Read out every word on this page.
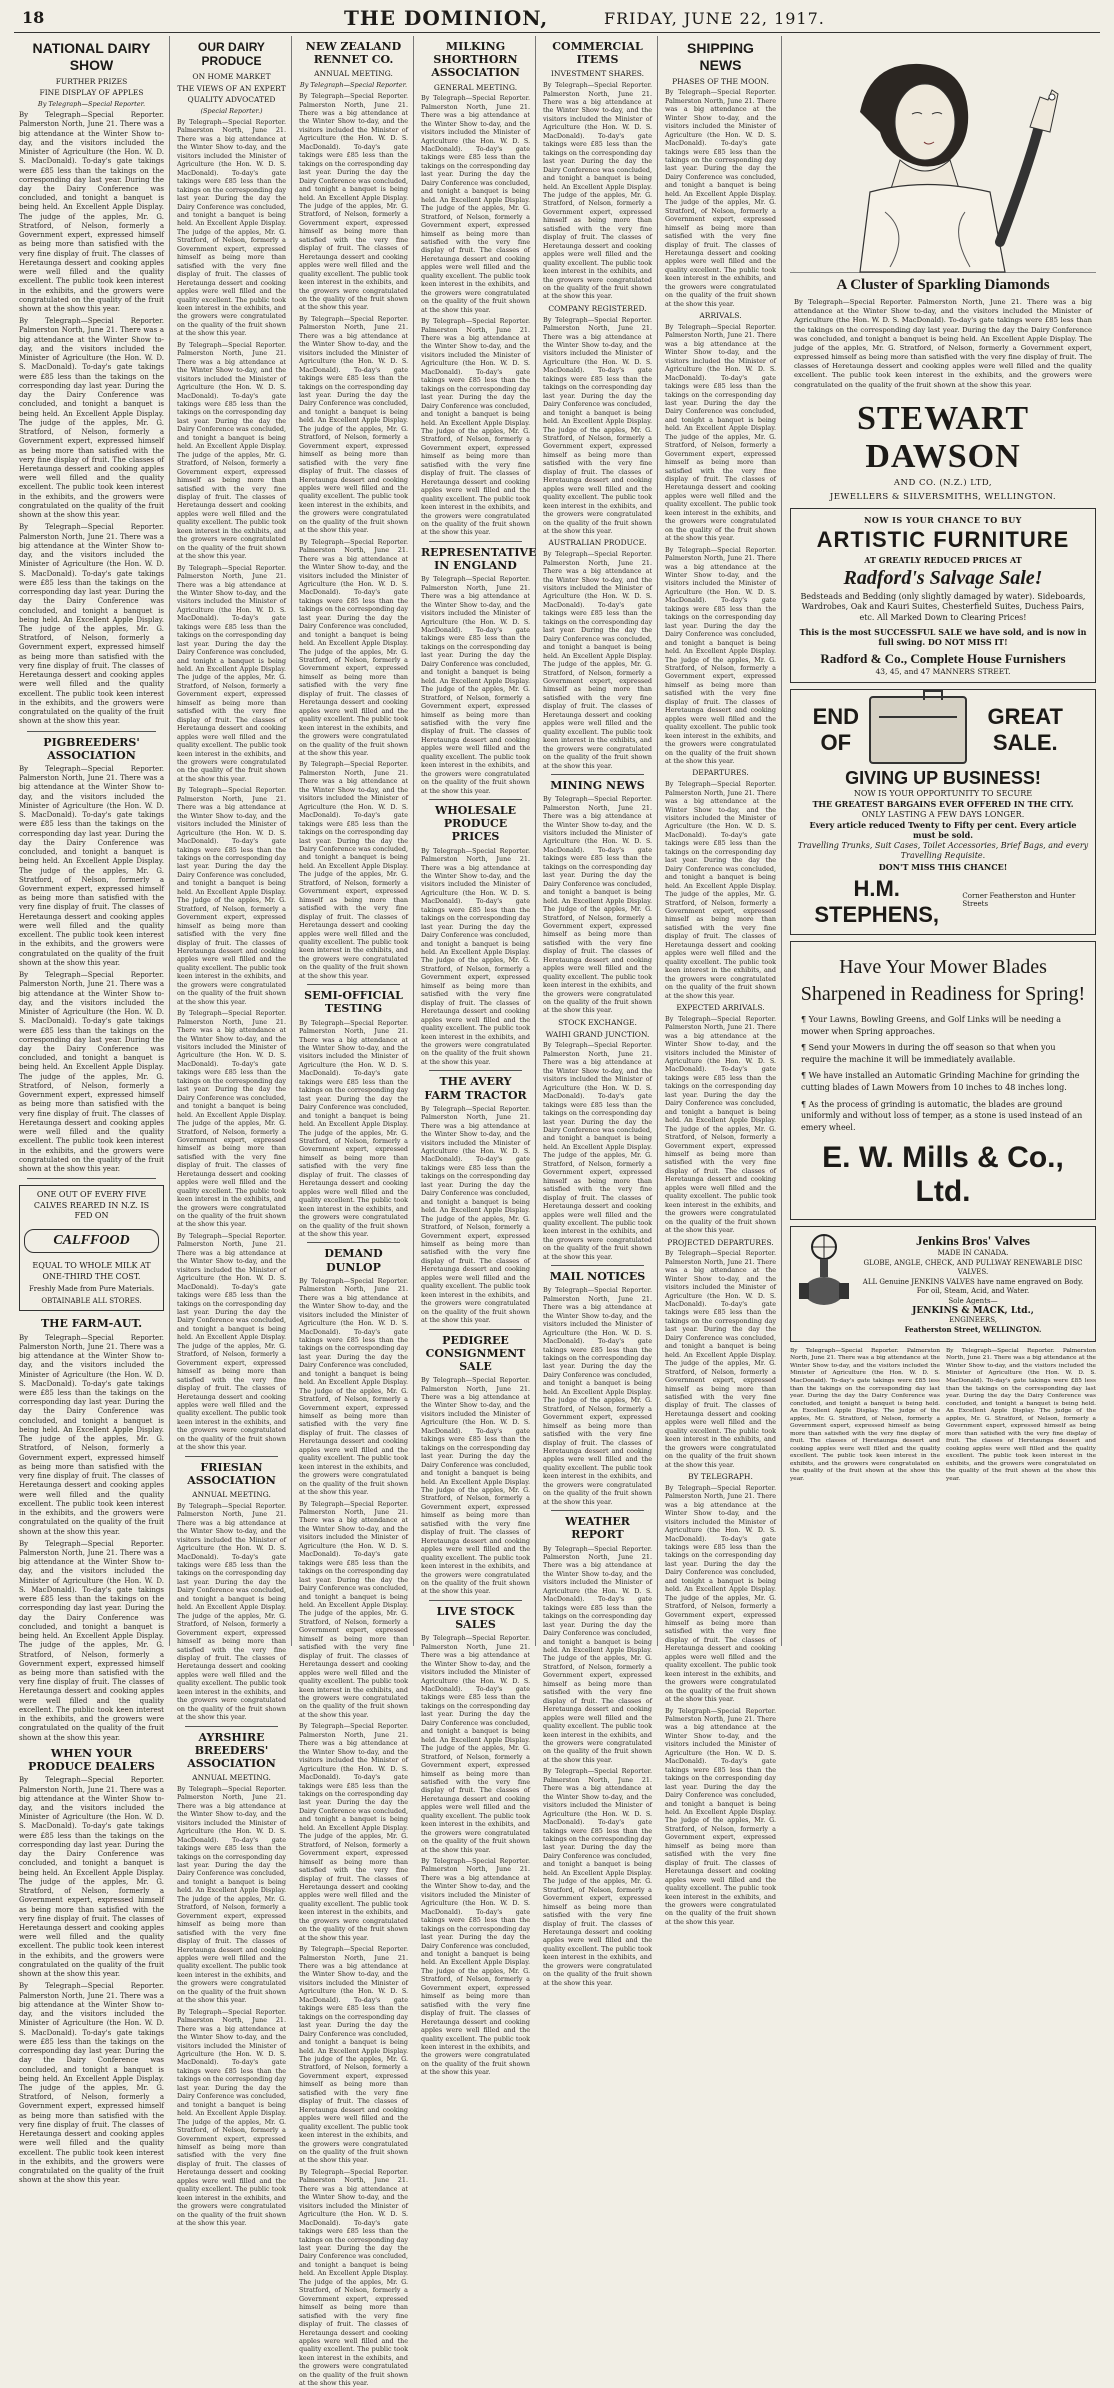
18	THE DOMINION,	FRIDAY, JUNE 22, 1917.
NATIONAL DAIRY SHOW
FURTHER PRIZES
FINE DISPLAY OF APPLES
By Telegraph—Special Reporter.
By Telegraph—Special Reporter. Palmerston North, June 21. There was a big attendance at the Winter Show to-day, and the visitors included the Minister of Agriculture (the Hon. W. D. S. MacDonald). To-day's gate takings were £85 less than the takings on the corresponding day last year. During the day the Dairy Conference was concluded, and tonight a banquet is being held. An Excellent Apple Display. The judge of the apples, Mr. G. Stratford, of Nelson, formerly a Government expert, expressed himself as being more than satisfied with the very fine display of fruit. The classes of Heretaunga dessert and cooking apples were well filled and the quality excellent. The public took keen interest in the exhibits, and the growers were congratulated on the quality of the fruit shown at the show this year.
By Telegraph—Special Reporter. Palmerston North, June 21. There was a big attendance at the Winter Show to-day, and the visitors included the Minister of Agriculture (the Hon. W. D. S. MacDonald). To-day's gate takings were £85 less than the takings on the corresponding day last year. During the day the Dairy Conference was concluded, and tonight a banquet is being held. An Excellent Apple Display. The judge of the apples, Mr. G. Stratford, of Nelson, formerly a Government expert, expressed himself as being more than satisfied with the very fine display of fruit. The classes of Heretaunga dessert and cooking apples were well filled and the quality excellent. The public took keen interest in the exhibits, and the growers were congratulated on the quality of the fruit shown at the show this year.
By Telegraph—Special Reporter. Palmerston North, June 21. There was a big attendance at the Winter Show to-day, and the visitors included the Minister of Agriculture (the Hon. W. D. S. MacDonald). To-day's gate takings were £85 less than the takings on the corresponding day last year. During the day the Dairy Conference was concluded, and tonight a banquet is being held. An Excellent Apple Display. The judge of the apples, Mr. G. Stratford, of Nelson, formerly a Government expert, expressed himself as being more than satisfied with the very fine display of fruit. The classes of Heretaunga dessert and cooking apples were well filled and the quality excellent. The public took keen interest in the exhibits, and the growers were congratulated on the quality of the fruit shown at the show this year.
PIGBREEDERS' ASSOCIATION
By Telegraph—Special Reporter. Palmerston North, June 21. There was a big attendance at the Winter Show to-day, and the visitors included the Minister of Agriculture (the Hon. W. D. S. MacDonald). To-day's gate takings were £85 less than the takings on the corresponding day last year. During the day the Dairy Conference was concluded, and tonight a banquet is being held. An Excellent Apple Display. The judge of the apples, Mr. G. Stratford, of Nelson, formerly a Government expert, expressed himself as being more than satisfied with the very fine display of fruit. The classes of Heretaunga dessert and cooking apples were well filled and the quality excellent. The public took keen interest in the exhibits, and the growers were congratulated on the quality of the fruit shown at the show this year.
By Telegraph—Special Reporter. Palmerston North, June 21. There was a big attendance at the Winter Show to-day, and the visitors included the Minister of Agriculture (the Hon. W. D. S. MacDonald). To-day's gate takings were £85 less than the takings on the corresponding day last year. During the day the Dairy Conference was concluded, and tonight a banquet is being held. An Excellent Apple Display. The judge of the apples, Mr. G. Stratford, of Nelson, formerly a Government expert, expressed himself as being more than satisfied with the very fine display of fruit. The classes of Heretaunga dessert and cooking apples were well filled and the quality excellent. The public took keen interest in the exhibits, and the growers were congratulated on the quality of the fruit shown at the show this year.
ONE OUT OF EVERY FIVE CALVES REARED IN N.Z. IS FED ON
CALFFOOD
EQUAL TO WHOLE MILK AT ONE-THIRD THE COST.
Freshly Made from Pure Materials.
OBTAINABLE ALL STORES.
THE FARM-AUT.
By Telegraph—Special Reporter. Palmerston North, June 21. There was a big attendance at the Winter Show to-day, and the visitors included the Minister of Agriculture (the Hon. W. D. S. MacDonald). To-day's gate takings were £85 less than the takings on the corresponding day last year. During the day the Dairy Conference was concluded, and tonight a banquet is being held. An Excellent Apple Display. The judge of the apples, Mr. G. Stratford, of Nelson, formerly a Government expert, expressed himself as being more than satisfied with the very fine display of fruit. The classes of Heretaunga dessert and cooking apples were well filled and the quality excellent. The public took keen interest in the exhibits, and the growers were congratulated on the quality of the fruit shown at the show this year.
By Telegraph—Special Reporter. Palmerston North, June 21. There was a big attendance at the Winter Show to-day, and the visitors included the Minister of Agriculture (the Hon. W. D. S. MacDonald). To-day's gate takings were £85 less than the takings on the corresponding day last year. During the day the Dairy Conference was concluded, and tonight a banquet is being held. An Excellent Apple Display. The judge of the apples, Mr. G. Stratford, of Nelson, formerly a Government expert, expressed himself as being more than satisfied with the very fine display of fruit. The classes of Heretaunga dessert and cooking apples were well filled and the quality excellent. The public took keen interest in the exhibits, and the growers were congratulated on the quality of the fruit shown at the show this year.
WHEN YOUR PRODUCE DEALERS
By Telegraph—Special Reporter. Palmerston North, June 21. There was a big attendance at the Winter Show to-day, and the visitors included the Minister of Agriculture (the Hon. W. D. S. MacDonald). To-day's gate takings were £85 less than the takings on the corresponding day last year. During the day the Dairy Conference was concluded, and tonight a banquet is being held. An Excellent Apple Display. The judge of the apples, Mr. G. Stratford, of Nelson, formerly a Government expert, expressed himself as being more than satisfied with the very fine display of fruit. The classes of Heretaunga dessert and cooking apples were well filled and the quality excellent. The public took keen interest in the exhibits, and the growers were congratulated on the quality of the fruit shown at the show this year.
By Telegraph—Special Reporter. Palmerston North, June 21. There was a big attendance at the Winter Show to-day, and the visitors included the Minister of Agriculture (the Hon. W. D. S. MacDonald). To-day's gate takings were £85 less than the takings on the corresponding day last year. During the day the Dairy Conference was concluded, and tonight a banquet is being held. An Excellent Apple Display. The judge of the apples, Mr. G. Stratford, of Nelson, formerly a Government expert, expressed himself as being more than satisfied with the very fine display of fruit. The classes of Heretaunga dessert and cooking apples were well filled and the quality excellent. The public took keen interest in the exhibits, and the growers were congratulated on the quality of the fruit shown at the show this year.
OUR DAIRY PRODUCE
ON HOME MARKET
THE VIEWS OF AN EXPERT
QUALITY ADVOCATED
(Special Reporter.)
By Telegraph—Special Reporter. Palmerston North, June 21. There was a big attendance at the Winter Show to-day, and the visitors included the Minister of Agriculture (the Hon. W. D. S. MacDonald). To-day's gate takings were £85 less than the takings on the corresponding day last year. During the day the Dairy Conference was concluded, and tonight a banquet is being held. An Excellent Apple Display. The judge of the apples, Mr. G. Stratford, of Nelson, formerly a Government expert, expressed himself as being more than satisfied with the very fine display of fruit. The classes of Heretaunga dessert and cooking apples were well filled and the quality excellent. The public took keen interest in the exhibits, and the growers were congratulated on the quality of the fruit shown at the show this year.
By Telegraph—Special Reporter. Palmerston North, June 21. There was a big attendance at the Winter Show to-day, and the visitors included the Minister of Agriculture (the Hon. W. D. S. MacDonald). To-day's gate takings were £85 less than the takings on the corresponding day last year. During the day the Dairy Conference was concluded, and tonight a banquet is being held. An Excellent Apple Display. The judge of the apples, Mr. G. Stratford, of Nelson, formerly a Government expert, expressed himself as being more than satisfied with the very fine display of fruit. The classes of Heretaunga dessert and cooking apples were well filled and the quality excellent. The public took keen interest in the exhibits, and the growers were congratulated on the quality of the fruit shown at the show this year.
By Telegraph—Special Reporter. Palmerston North, June 21. There was a big attendance at the Winter Show to-day, and the visitors included the Minister of Agriculture (the Hon. W. D. S. MacDonald). To-day's gate takings were £85 less than the takings on the corresponding day last year. During the day the Dairy Conference was concluded, and tonight a banquet is being held. An Excellent Apple Display. The judge of the apples, Mr. G. Stratford, of Nelson, formerly a Government expert, expressed himself as being more than satisfied with the very fine display of fruit. The classes of Heretaunga dessert and cooking apples were well filled and the quality excellent. The public took keen interest in the exhibits, and the growers were congratulated on the quality of the fruit shown at the show this year.
By Telegraph—Special Reporter. Palmerston North, June 21. There was a big attendance at the Winter Show to-day, and the visitors included the Minister of Agriculture (the Hon. W. D. S. MacDonald). To-day's gate takings were £85 less than the takings on the corresponding day last year. During the day the Dairy Conference was concluded, and tonight a banquet is being held. An Excellent Apple Display. The judge of the apples, Mr. G. Stratford, of Nelson, formerly a Government expert, expressed himself as being more than satisfied with the very fine display of fruit. The classes of Heretaunga dessert and cooking apples were well filled and the quality excellent. The public took keen interest in the exhibits, and the growers were congratulated on the quality of the fruit shown at the show this year.
By Telegraph—Special Reporter. Palmerston North, June 21. There was a big attendance at the Winter Show to-day, and the visitors included the Minister of Agriculture (the Hon. W. D. S. MacDonald). To-day's gate takings were £85 less than the takings on the corresponding day last year. During the day the Dairy Conference was concluded, and tonight a banquet is being held. An Excellent Apple Display. The judge of the apples, Mr. G. Stratford, of Nelson, formerly a Government expert, expressed himself as being more than satisfied with the very fine display of fruit. The classes of Heretaunga dessert and cooking apples were well filled and the quality excellent. The public took keen interest in the exhibits, and the growers were congratulated on the quality of the fruit shown at the show this year.
By Telegraph—Special Reporter. Palmerston North, June 21. There was a big attendance at the Winter Show to-day, and the visitors included the Minister of Agriculture (the Hon. W. D. S. MacDonald). To-day's gate takings were £85 less than the takings on the corresponding day last year. During the day the Dairy Conference was concluded, and tonight a banquet is being held. An Excellent Apple Display. The judge of the apples, Mr. G. Stratford, of Nelson, formerly a Government expert, expressed himself as being more than satisfied with the very fine display of fruit. The classes of Heretaunga dessert and cooking apples were well filled and the quality excellent. The public took keen interest in the exhibits, and the growers were congratulated on the quality of the fruit shown at the show this year.
FRIESIAN ASSOCIATION
ANNUAL MEETING.
By Telegraph—Special Reporter. Palmerston North, June 21. There was a big attendance at the Winter Show to-day, and the visitors included the Minister of Agriculture (the Hon. W. D. S. MacDonald). To-day's gate takings were £85 less than the takings on the corresponding day last year. During the day the Dairy Conference was concluded, and tonight a banquet is being held. An Excellent Apple Display. The judge of the apples, Mr. G. Stratford, of Nelson, formerly a Government expert, expressed himself as being more than satisfied with the very fine display of fruit. The classes of Heretaunga dessert and cooking apples were well filled and the quality excellent. The public took keen interest in the exhibits, and the growers were congratulated on the quality of the fruit shown at the show this year.
AYRSHIRE BREEDERS' ASSOCIATION
ANNUAL MEETING.
By Telegraph—Special Reporter. Palmerston North, June 21. There was a big attendance at the Winter Show to-day, and the visitors included the Minister of Agriculture (the Hon. W. D. S. MacDonald). To-day's gate takings were £85 less than the takings on the corresponding day last year. During the day the Dairy Conference was concluded, and tonight a banquet is being held. An Excellent Apple Display. The judge of the apples, Mr. G. Stratford, of Nelson, formerly a Government expert, expressed himself as being more than satisfied with the very fine display of fruit. The classes of Heretaunga dessert and cooking apples were well filled and the quality excellent. The public took keen interest in the exhibits, and the growers were congratulated on the quality of the fruit shown at the show this year.
By Telegraph—Special Reporter. Palmerston North, June 21. There was a big attendance at the Winter Show to-day, and the visitors included the Minister of Agriculture (the Hon. W. D. S. MacDonald). To-day's gate takings were £85 less than the takings on the corresponding day last year. During the day the Dairy Conference was concluded, and tonight a banquet is being held. An Excellent Apple Display. The judge of the apples, Mr. G. Stratford, of Nelson, formerly a Government expert, expressed himself as being more than satisfied with the very fine display of fruit. The classes of Heretaunga dessert and cooking apples were well filled and the quality excellent. The public took keen interest in the exhibits, and the growers were congratulated on the quality of the fruit shown at the show this year.
NEW ZEALAND RENNET CO.
ANNUAL MEETING.
By Telegraph—Special Reporter.
By Telegraph—Special Reporter. Palmerston North, June 21. There was a big attendance at the Winter Show to-day, and the visitors included the Minister of Agriculture (the Hon. W. D. S. MacDonald). To-day's gate takings were £85 less than the takings on the corresponding day last year. During the day the Dairy Conference was concluded, and tonight a banquet is being held. An Excellent Apple Display. The judge of the apples, Mr. G. Stratford, of Nelson, formerly a Government expert, expressed himself as being more than satisfied with the very fine display of fruit. The classes of Heretaunga dessert and cooking apples were well filled and the quality excellent. The public took keen interest in the exhibits, and the growers were congratulated on the quality of the fruit shown at the show this year.
By Telegraph—Special Reporter. Palmerston North, June 21. There was a big attendance at the Winter Show to-day, and the visitors included the Minister of Agriculture (the Hon. W. D. S. MacDonald). To-day's gate takings were £85 less than the takings on the corresponding day last year. During the day the Dairy Conference was concluded, and tonight a banquet is being held. An Excellent Apple Display. The judge of the apples, Mr. G. Stratford, of Nelson, formerly a Government expert, expressed himself as being more than satisfied with the very fine display of fruit. The classes of Heretaunga dessert and cooking apples were well filled and the quality excellent. The public took keen interest in the exhibits, and the growers were congratulated on the quality of the fruit shown at the show this year.
By Telegraph—Special Reporter. Palmerston North, June 21. There was a big attendance at the Winter Show to-day, and the visitors included the Minister of Agriculture (the Hon. W. D. S. MacDonald). To-day's gate takings were £85 less than the takings on the corresponding day last year. During the day the Dairy Conference was concluded, and tonight a banquet is being held. An Excellent Apple Display. The judge of the apples, Mr. G. Stratford, of Nelson, formerly a Government expert, expressed himself as being more than satisfied with the very fine display of fruit. The classes of Heretaunga dessert and cooking apples were well filled and the quality excellent. The public took keen interest in the exhibits, and the growers were congratulated on the quality of the fruit shown at the show this year.
By Telegraph—Special Reporter. Palmerston North, June 21. There was a big attendance at the Winter Show to-day, and the visitors included the Minister of Agriculture (the Hon. W. D. S. MacDonald). To-day's gate takings were £85 less than the takings on the corresponding day last year. During the day the Dairy Conference was concluded, and tonight a banquet is being held. An Excellent Apple Display. The judge of the apples, Mr. G. Stratford, of Nelson, formerly a Government expert, expressed himself as being more than satisfied with the very fine display of fruit. The classes of Heretaunga dessert and cooking apples were well filled and the quality excellent. The public took keen interest in the exhibits, and the growers were congratulated on the quality of the fruit shown at the show this year.
SEMI-OFFICIAL TESTING
By Telegraph—Special Reporter. Palmerston North, June 21. There was a big attendance at the Winter Show to-day, and the visitors included the Minister of Agriculture (the Hon. W. D. S. MacDonald). To-day's gate takings were £85 less than the takings on the corresponding day last year. During the day the Dairy Conference was concluded, and tonight a banquet is being held. An Excellent Apple Display. The judge of the apples, Mr. G. Stratford, of Nelson, formerly a Government expert, expressed himself as being more than satisfied with the very fine display of fruit. The classes of Heretaunga dessert and cooking apples were well filled and the quality excellent. The public took keen interest in the exhibits, and the growers were congratulated on the quality of the fruit shown at the show this year.
DEMAND DUNLOP
By Telegraph—Special Reporter. Palmerston North, June 21. There was a big attendance at the Winter Show to-day, and the visitors included the Minister of Agriculture (the Hon. W. D. S. MacDonald). To-day's gate takings were £85 less than the takings on the corresponding day last year. During the day the Dairy Conference was concluded, and tonight a banquet is being held. An Excellent Apple Display. The judge of the apples, Mr. G. Stratford, of Nelson, formerly a Government expert, expressed himself as being more than satisfied with the very fine display of fruit. The classes of Heretaunga dessert and cooking apples were well filled and the quality excellent. The public took keen interest in the exhibits, and the growers were congratulated on the quality of the fruit shown at the show this year.
By Telegraph—Special Reporter. Palmerston North, June 21. There was a big attendance at the Winter Show to-day, and the visitors included the Minister of Agriculture (the Hon. W. D. S. MacDonald). To-day's gate takings were £85 less than the takings on the corresponding day last year. During the day the Dairy Conference was concluded, and tonight a banquet is being held. An Excellent Apple Display. The judge of the apples, Mr. G. Stratford, of Nelson, formerly a Government expert, expressed himself as being more than satisfied with the very fine display of fruit. The classes of Heretaunga dessert and cooking apples were well filled and the quality excellent. The public took keen interest in the exhibits, and the growers were congratulated on the quality of the fruit shown at the show this year.
By Telegraph—Special Reporter. Palmerston North, June 21. There was a big attendance at the Winter Show to-day, and the visitors included the Minister of Agriculture (the Hon. W. D. S. MacDonald). To-day's gate takings were £85 less than the takings on the corresponding day last year. During the day the Dairy Conference was concluded, and tonight a banquet is being held. An Excellent Apple Display. The judge of the apples, Mr. G. Stratford, of Nelson, formerly a Government expert, expressed himself as being more than satisfied with the very fine display of fruit. The classes of Heretaunga dessert and cooking apples were well filled and the quality excellent. The public took keen interest in the exhibits, and the growers were congratulated on the quality of the fruit shown at the show this year.
By Telegraph—Special Reporter. Palmerston North, June 21. There was a big attendance at the Winter Show to-day, and the visitors included the Minister of Agriculture (the Hon. W. D. S. MacDonald). To-day's gate takings were £85 less than the takings on the corresponding day last year. During the day the Dairy Conference was concluded, and tonight a banquet is being held. An Excellent Apple Display. The judge of the apples, Mr. G. Stratford, of Nelson, formerly a Government expert, expressed himself as being more than satisfied with the very fine display of fruit. The classes of Heretaunga dessert and cooking apples were well filled and the quality excellent. The public took keen interest in the exhibits, and the growers were congratulated on the quality of the fruit shown at the show this year.
By Telegraph—Special Reporter. Palmerston North, June 21. There was a big attendance at the Winter Show to-day, and the visitors included the Minister of Agriculture (the Hon. W. D. S. MacDonald). To-day's gate takings were £85 less than the takings on the corresponding day last year. During the day the Dairy Conference was concluded, and tonight a banquet is being held. An Excellent Apple Display. The judge of the apples, Mr. G. Stratford, of Nelson, formerly a Government expert, expressed himself as being more than satisfied with the very fine display of fruit. The classes of Heretaunga dessert and cooking apples were well filled and the quality excellent. The public took keen interest in the exhibits, and the growers were congratulated on the quality of the fruit shown at the show this year.
MILKING SHORTHORN ASSOCIATION
GENERAL MEETING.
By Telegraph—Special Reporter. Palmerston North, June 21. There was a big attendance at the Winter Show to-day, and the visitors included the Minister of Agriculture (the Hon. W. D. S. MacDonald). To-day's gate takings were £85 less than the takings on the corresponding day last year. During the day the Dairy Conference was concluded, and tonight a banquet is being held. An Excellent Apple Display. The judge of the apples, Mr. G. Stratford, of Nelson, formerly a Government expert, expressed himself as being more than satisfied with the very fine display of fruit. The classes of Heretaunga dessert and cooking apples were well filled and the quality excellent. The public took keen interest in the exhibits, and the growers were congratulated on the quality of the fruit shown at the show this year.
By Telegraph—Special Reporter. Palmerston North, June 21. There was a big attendance at the Winter Show to-day, and the visitors included the Minister of Agriculture (the Hon. W. D. S. MacDonald). To-day's gate takings were £85 less than the takings on the corresponding day last year. During the day the Dairy Conference was concluded, and tonight a banquet is being held. An Excellent Apple Display. The judge of the apples, Mr. G. Stratford, of Nelson, formerly a Government expert, expressed himself as being more than satisfied with the very fine display of fruit. The classes of Heretaunga dessert and cooking apples were well filled and the quality excellent. The public took keen interest in the exhibits, and the growers were congratulated on the quality of the fruit shown at the show this year.
REPRESENTATIVE IN ENGLAND
By Telegraph—Special Reporter. Palmerston North, June 21. There was a big attendance at the Winter Show to-day, and the visitors included the Minister of Agriculture (the Hon. W. D. S. MacDonald). To-day's gate takings were £85 less than the takings on the corresponding day last year. During the day the Dairy Conference was concluded, and tonight a banquet is being held. An Excellent Apple Display. The judge of the apples, Mr. G. Stratford, of Nelson, formerly a Government expert, expressed himself as being more than satisfied with the very fine display of fruit. The classes of Heretaunga dessert and cooking apples were well filled and the quality excellent. The public took keen interest in the exhibits, and the growers were congratulated on the quality of the fruit shown at the show this year.
WHOLESALE PRODUCE PRICES
By Telegraph—Special Reporter. Palmerston North, June 21. There was a big attendance at the Winter Show to-day, and the visitors included the Minister of Agriculture (the Hon. W. D. S. MacDonald). To-day's gate takings were £85 less than the takings on the corresponding day last year. During the day the Dairy Conference was concluded, and tonight a banquet is being held. An Excellent Apple Display. The judge of the apples, Mr. G. Stratford, of Nelson, formerly a Government expert, expressed himself as being more than satisfied with the very fine display of fruit. The classes of Heretaunga dessert and cooking apples were well filled and the quality excellent. The public took keen interest in the exhibits, and the growers were congratulated on the quality of the fruit shown at the show this year.
THE AVERY FARM TRACTOR
By Telegraph—Special Reporter. Palmerston North, June 21. There was a big attendance at the Winter Show to-day, and the visitors included the Minister of Agriculture (the Hon. W. D. S. MacDonald). To-day's gate takings were £85 less than the takings on the corresponding day last year. During the day the Dairy Conference was concluded, and tonight a banquet is being held. An Excellent Apple Display. The judge of the apples, Mr. G. Stratford, of Nelson, formerly a Government expert, expressed himself as being more than satisfied with the very fine display of fruit. The classes of Heretaunga dessert and cooking apples were well filled and the quality excellent. The public took keen interest in the exhibits, and the growers were congratulated on the quality of the fruit shown at the show this year.
PEDIGREE CONSIGNMENT SALE
By Telegraph—Special Reporter. Palmerston North, June 21. There was a big attendance at the Winter Show to-day, and the visitors included the Minister of Agriculture (the Hon. W. D. S. MacDonald). To-day's gate takings were £85 less than the takings on the corresponding day last year. During the day the Dairy Conference was concluded, and tonight a banquet is being held. An Excellent Apple Display. The judge of the apples, Mr. G. Stratford, of Nelson, formerly a Government expert, expressed himself as being more than satisfied with the very fine display of fruit. The classes of Heretaunga dessert and cooking apples were well filled and the quality excellent. The public took keen interest in the exhibits, and the growers were congratulated on the quality of the fruit shown at the show this year.
LIVE STOCK SALES
By Telegraph—Special Reporter. Palmerston North, June 21. There was a big attendance at the Winter Show to-day, and the visitors included the Minister of Agriculture (the Hon. W. D. S. MacDonald). To-day's gate takings were £85 less than the takings on the corresponding day last year. During the day the Dairy Conference was concluded, and tonight a banquet is being held. An Excellent Apple Display. The judge of the apples, Mr. G. Stratford, of Nelson, formerly a Government expert, expressed himself as being more than satisfied with the very fine display of fruit. The classes of Heretaunga dessert and cooking apples were well filled and the quality excellent. The public took keen interest in the exhibits, and the growers were congratulated on the quality of the fruit shown at the show this year.
By Telegraph—Special Reporter. Palmerston North, June 21. There was a big attendance at the Winter Show to-day, and the visitors included the Minister of Agriculture (the Hon. W. D. S. MacDonald). To-day's gate takings were £85 less than the takings on the corresponding day last year. During the day the Dairy Conference was concluded, and tonight a banquet is being held. An Excellent Apple Display. The judge of the apples, Mr. G. Stratford, of Nelson, formerly a Government expert, expressed himself as being more than satisfied with the very fine display of fruit. The classes of Heretaunga dessert and cooking apples were well filled and the quality excellent. The public took keen interest in the exhibits, and the growers were congratulated on the quality of the fruit shown at the show this year.
COMMERCIAL ITEMS
INVESTMENT SHARES.
By Telegraph—Special Reporter. Palmerston North, June 21. There was a big attendance at the Winter Show to-day, and the visitors included the Minister of Agriculture (the Hon. W. D. S. MacDonald). To-day's gate takings were £85 less than the takings on the corresponding day last year. During the day the Dairy Conference was concluded, and tonight a banquet is being held. An Excellent Apple Display. The judge of the apples, Mr. G. Stratford, of Nelson, formerly a Government expert, expressed himself as being more than satisfied with the very fine display of fruit. The classes of Heretaunga dessert and cooking apples were well filled and the quality excellent. The public took keen interest in the exhibits, and the growers were congratulated on the quality of the fruit shown at the show this year.
COMPANY REGISTERED.
By Telegraph—Special Reporter. Palmerston North, June 21. There was a big attendance at the Winter Show to-day, and the visitors included the Minister of Agriculture (the Hon. W. D. S. MacDonald). To-day's gate takings were £85 less than the takings on the corresponding day last year. During the day the Dairy Conference was concluded, and tonight a banquet is being held. An Excellent Apple Display. The judge of the apples, Mr. G. Stratford, of Nelson, formerly a Government expert, expressed himself as being more than satisfied with the very fine display of fruit. The classes of Heretaunga dessert and cooking apples were well filled and the quality excellent. The public took keen interest in the exhibits, and the growers were congratulated on the quality of the fruit shown at the show this year.
AUSTRALIAN PRODUCE.
By Telegraph—Special Reporter. Palmerston North, June 21. There was a big attendance at the Winter Show to-day, and the visitors included the Minister of Agriculture (the Hon. W. D. S. MacDonald). To-day's gate takings were £85 less than the takings on the corresponding day last year. During the day the Dairy Conference was concluded, and tonight a banquet is being held. An Excellent Apple Display. The judge of the apples, Mr. G. Stratford, of Nelson, formerly a Government expert, expressed himself as being more than satisfied with the very fine display of fruit. The classes of Heretaunga dessert and cooking apples were well filled and the quality excellent. The public took keen interest in the exhibits, and the growers were congratulated on the quality of the fruit shown at the show this year.
MINING NEWS
By Telegraph—Special Reporter. Palmerston North, June 21. There was a big attendance at the Winter Show to-day, and the visitors included the Minister of Agriculture (the Hon. W. D. S. MacDonald). To-day's gate takings were £85 less than the takings on the corresponding day last year. During the day the Dairy Conference was concluded, and tonight a banquet is being held. An Excellent Apple Display. The judge of the apples, Mr. G. Stratford, of Nelson, formerly a Government expert, expressed himself as being more than satisfied with the very fine display of fruit. The classes of Heretaunga dessert and cooking apples were well filled and the quality excellent. The public took keen interest in the exhibits, and the growers were congratulated on the quality of the fruit shown at the show this year.
STOCK EXCHANGE.
WAIHI GRAND JUNCTION.
By Telegraph—Special Reporter. Palmerston North, June 21. There was a big attendance at the Winter Show to-day, and the visitors included the Minister of Agriculture (the Hon. W. D. S. MacDonald). To-day's gate takings were £85 less than the takings on the corresponding day last year. During the day the Dairy Conference was concluded, and tonight a banquet is being held. An Excellent Apple Display. The judge of the apples, Mr. G. Stratford, of Nelson, formerly a Government expert, expressed himself as being more than satisfied with the very fine display of fruit. The classes of Heretaunga dessert and cooking apples were well filled and the quality excellent. The public took keen interest in the exhibits, and the growers were congratulated on the quality of the fruit shown at the show this year.
MAIL NOTICES
By Telegraph—Special Reporter. Palmerston North, June 21. There was a big attendance at the Winter Show to-day, and the visitors included the Minister of Agriculture (the Hon. W. D. S. MacDonald). To-day's gate takings were £85 less than the takings on the corresponding day last year. During the day the Dairy Conference was concluded, and tonight a banquet is being held. An Excellent Apple Display. The judge of the apples, Mr. G. Stratford, of Nelson, formerly a Government expert, expressed himself as being more than satisfied with the very fine display of fruit. The classes of Heretaunga dessert and cooking apples were well filled and the quality excellent. The public took keen interest in the exhibits, and the growers were congratulated on the quality of the fruit shown at the show this year.
WEATHER REPORT
By Telegraph—Special Reporter. Palmerston North, June 21. There was a big attendance at the Winter Show to-day, and the visitors included the Minister of Agriculture (the Hon. W. D. S. MacDonald). To-day's gate takings were £85 less than the takings on the corresponding day last year. During the day the Dairy Conference was concluded, and tonight a banquet is being held. An Excellent Apple Display. The judge of the apples, Mr. G. Stratford, of Nelson, formerly a Government expert, expressed himself as being more than satisfied with the very fine display of fruit. The classes of Heretaunga dessert and cooking apples were well filled and the quality excellent. The public took keen interest in the exhibits, and the growers were congratulated on the quality of the fruit shown at the show this year.
By Telegraph—Special Reporter. Palmerston North, June 21. There was a big attendance at the Winter Show to-day, and the visitors included the Minister of Agriculture (the Hon. W. D. S. MacDonald). To-day's gate takings were £85 less than the takings on the corresponding day last year. During the day the Dairy Conference was concluded, and tonight a banquet is being held. An Excellent Apple Display. The judge of the apples, Mr. G. Stratford, of Nelson, formerly a Government expert, expressed himself as being more than satisfied with the very fine display of fruit. The classes of Heretaunga dessert and cooking apples were well filled and the quality excellent. The public took keen interest in the exhibits, and the growers were congratulated on the quality of the fruit shown at the show this year.
SHIPPING NEWS
PHASES OF THE MOON.
By Telegraph—Special Reporter. Palmerston North, June 21. There was a big attendance at the Winter Show to-day, and the visitors included the Minister of Agriculture (the Hon. W. D. S. MacDonald). To-day's gate takings were £85 less than the takings on the corresponding day last year. During the day the Dairy Conference was concluded, and tonight a banquet is being held. An Excellent Apple Display. The judge of the apples, Mr. G. Stratford, of Nelson, formerly a Government expert, expressed himself as being more than satisfied with the very fine display of fruit. The classes of Heretaunga dessert and cooking apples were well filled and the quality excellent. The public took keen interest in the exhibits, and the growers were congratulated on the quality of the fruit shown at the show this year.
ARRIVALS.
By Telegraph—Special Reporter. Palmerston North, June 21. There was a big attendance at the Winter Show to-day, and the visitors included the Minister of Agriculture (the Hon. W. D. S. MacDonald). To-day's gate takings were £85 less than the takings on the corresponding day last year. During the day the Dairy Conference was concluded, and tonight a banquet is being held. An Excellent Apple Display. The judge of the apples, Mr. G. Stratford, of Nelson, formerly a Government expert, expressed himself as being more than satisfied with the very fine display of fruit. The classes of Heretaunga dessert and cooking apples were well filled and the quality excellent. The public took keen interest in the exhibits, and the growers were congratulated on the quality of the fruit shown at the show this year.
By Telegraph—Special Reporter. Palmerston North, June 21. There was a big attendance at the Winter Show to-day, and the visitors included the Minister of Agriculture (the Hon. W. D. S. MacDonald). To-day's gate takings were £85 less than the takings on the corresponding day last year. During the day the Dairy Conference was concluded, and tonight a banquet is being held. An Excellent Apple Display. The judge of the apples, Mr. G. Stratford, of Nelson, formerly a Government expert, expressed himself as being more than satisfied with the very fine display of fruit. The classes of Heretaunga dessert and cooking apples were well filled and the quality excellent. The public took keen interest in the exhibits, and the growers were congratulated on the quality of the fruit shown at the show this year.
DEPARTURES.
By Telegraph—Special Reporter. Palmerston North, June 21. There was a big attendance at the Winter Show to-day, and the visitors included the Minister of Agriculture (the Hon. W. D. S. MacDonald). To-day's gate takings were £85 less than the takings on the corresponding day last year. During the day the Dairy Conference was concluded, and tonight a banquet is being held. An Excellent Apple Display. The judge of the apples, Mr. G. Stratford, of Nelson, formerly a Government expert, expressed himself as being more than satisfied with the very fine display of fruit. The classes of Heretaunga dessert and cooking apples were well filled and the quality excellent. The public took keen interest in the exhibits, and the growers were congratulated on the quality of the fruit shown at the show this year.
EXPECTED ARRIVALS.
By Telegraph—Special Reporter. Palmerston North, June 21. There was a big attendance at the Winter Show to-day, and the visitors included the Minister of Agriculture (the Hon. W. D. S. MacDonald). To-day's gate takings were £85 less than the takings on the corresponding day last year. During the day the Dairy Conference was concluded, and tonight a banquet is being held. An Excellent Apple Display. The judge of the apples, Mr. G. Stratford, of Nelson, formerly a Government expert, expressed himself as being more than satisfied with the very fine display of fruit. The classes of Heretaunga dessert and cooking apples were well filled and the quality excellent. The public took keen interest in the exhibits, and the growers were congratulated on the quality of the fruit shown at the show this year.
PROJECTED DEPARTURES.
By Telegraph—Special Reporter. Palmerston North, June 21. There was a big attendance at the Winter Show to-day, and the visitors included the Minister of Agriculture (the Hon. W. D. S. MacDonald). To-day's gate takings were £85 less than the takings on the corresponding day last year. During the day the Dairy Conference was concluded, and tonight a banquet is being held. An Excellent Apple Display. The judge of the apples, Mr. G. Stratford, of Nelson, formerly a Government expert, expressed himself as being more than satisfied with the very fine display of fruit. The classes of Heretaunga dessert and cooking apples were well filled and the quality excellent. The public took keen interest in the exhibits, and the growers were congratulated on the quality of the fruit shown at the show this year.
BY TELEGRAPH.
By Telegraph—Special Reporter. Palmerston North, June 21. There was a big attendance at the Winter Show to-day, and the visitors included the Minister of Agriculture (the Hon. W. D. S. MacDonald). To-day's gate takings were £85 less than the takings on the corresponding day last year. During the day the Dairy Conference was concluded, and tonight a banquet is being held. An Excellent Apple Display. The judge of the apples, Mr. G. Stratford, of Nelson, formerly a Government expert, expressed himself as being more than satisfied with the very fine display of fruit. The classes of Heretaunga dessert and cooking apples were well filled and the quality excellent. The public took keen interest in the exhibits, and the growers were congratulated on the quality of the fruit shown at the show this year.
By Telegraph—Special Reporter. Palmerston North, June 21. There was a big attendance at the Winter Show to-day, and the visitors included the Minister of Agriculture (the Hon. W. D. S. MacDonald). To-day's gate takings were £85 less than the takings on the corresponding day last year. During the day the Dairy Conference was concluded, and tonight a banquet is being held. An Excellent Apple Display. The judge of the apples, Mr. G. Stratford, of Nelson, formerly a Government expert, expressed himself as being more than satisfied with the very fine display of fruit. The classes of Heretaunga dessert and cooking apples were well filled and the quality excellent. The public took keen interest in the exhibits, and the growers were congratulated on the quality of the fruit shown at the show this year.
A Cluster of Sparkling Diamonds
By Telegraph—Special Reporter. Palmerston North, June 21. There was a big attendance at the Winter Show to-day, and the visitors included the Minister of Agriculture (the Hon. W. D. S. MacDonald). To-day's gate takings were £85 less than the takings on the corresponding day last year. During the day the Dairy Conference was concluded, and tonight a banquet is being held. An Excellent Apple Display. The judge of the apples, Mr. G. Stratford, of Nelson, formerly a Government expert, expressed himself as being more than satisfied with the very fine display of fruit. The classes of Heretaunga dessert and cooking apples were well filled and the quality excellent. The public took keen interest in the exhibits, and the growers were congratulated on the quality of the fruit shown at the show this year.
STEWART DAWSON
AND CO. (N.Z.) LTD,
JEWELLERS & SILVERSMITHS, WELLINGTON.
NOW IS YOUR CHANCE TO BUY
ARTISTIC FURNITURE
AT GREATLY REDUCED PRICES AT
Radford's Salvage Sale!
Bedsteads and Bedding (only slightly damaged by water). Sideboards, Wardrobes, Oak and Kauri Suites, Chesterfield Suites, Duchess Pairs, etc. All Marked Down to Clearing Prices!
This is the most SUCCESSFUL SALE we have sold, and is now in full swing. DO NOT MISS IT!
Radford & Co., Complete House Furnishers
43, 45, and 47 MANNERS STREET.
END OF
GREAT SALE.
GIVING UP BUSINESS!
NOW IS YOUR OPPORTUNITY TO SECURE
THE GREATEST BARGAINS EVER OFFERED IN THE CITY.
ONLY LASTING A FEW DAYS LONGER.
Every article reduced Twenty to Fifty per cent. Every article must be sold.
Travelling Trunks, Suit Cases, Toilet Accessories, Brief Bags, and every Travelling Requisite.
DON'T MISS THIS CHANCE!
H.M. STEPHENS,
Corner Featherston and Hunter Streets
Have Your Mower Blades Sharpened in Readiness for Spring!
¶ Your Lawns, Bowling Greens, and Golf Links will be needing a mower when Spring approaches.
¶ Send your Mowers in during the off season so that when you require the machine it will be immediately available.
¶ We have installed an Automatic Grinding Machine for grinding the cutting blades of Lawn Mowers from 10 inches to 48 inches long.
¶ As the process of grinding is automatic, the blades are ground uniformly and without loss of temper, as a stone is used instead of an emery wheel.
E. W. Mills & Co., Ltd.
Jenkins Bros' Valves
MADE IN CANADA.
GLOBE, ANGLE, CHECK, AND PULLWAY RENEWABLE DISC VALVES.
ALL Genuine JENKINS VALVES have name engraved on Body. For oil, Steam, Acid, and Water.
Sole Agents—
JENKINS & MACK, Ltd.,
ENGINEERS,
Featherston Street, WELLINGTON.
By Telegraph—Special Reporter. Palmerston North, June 21. There was a big attendance at the Winter Show to-day, and the visitors included the Minister of Agriculture (the Hon. W. D. S. MacDonald). To-day's gate takings were £85 less than the takings on the corresponding day last year. During the day the Dairy Conference was concluded, and tonight a banquet is being held. An Excellent Apple Display. The judge of the apples, Mr. G. Stratford, of Nelson, formerly a Government expert, expressed himself as being more than satisfied with the very fine display of fruit. The classes of Heretaunga dessert and cooking apples were well filled and the quality excellent. The public took keen interest in the exhibits, and the growers were congratulated on the quality of the fruit shown at the show this year.
By Telegraph—Special Reporter. Palmerston North, June 21. There was a big attendance at the Winter Show to-day, and the visitors included the Minister of Agriculture (the Hon. W. D. S. MacDonald). To-day's gate takings were £85 less than the takings on the corresponding day last year. During the day the Dairy Conference was concluded, and tonight a banquet is being held. An Excellent Apple Display. The judge of the apples, Mr. G. Stratford, of Nelson, formerly a Government expert, expressed himself as being more than satisfied with the very fine display of fruit. The classes of Heretaunga dessert and cooking apples were well filled and the quality excellent. The public took keen interest in the exhibits, and the growers were congratulated on the quality of the fruit shown at the show this year.
